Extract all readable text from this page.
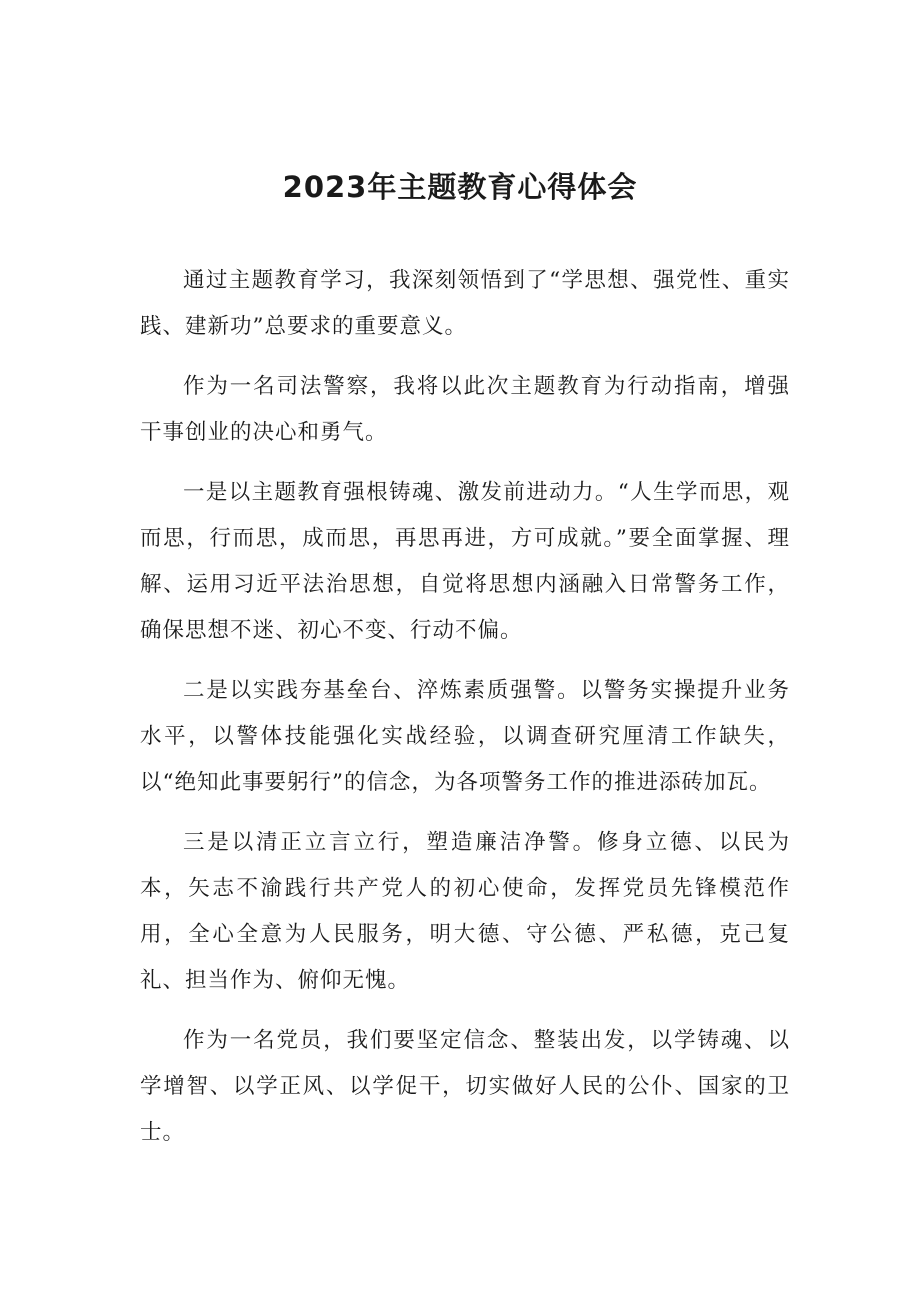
2023年主题教育心得体会

通过主题教育学习，我深刻领悟到了“学思想、强党性、重实践、建新功”总要求的重要意义。

作为一名司法警察，我将以此次主题教育为行动指南，增强干事创业的决心和勇气。

一是以主题教育强根铸魂、激发前进动力。“人生学而思，观而思，行而思，成而思，再思再进，方可成就。”要全面掌握、理解、运用习近平法治思想，自觉将思想内涵融入日常警务工作，确保思想不迷、初心不变、行动不偏。

二是以实践夯基垒台、淬炼素质强警。以警务实操提升业务水平，以警体技能强化实战经验，以调查研究厘清工作缺失，以“绝知此事要躬行”的信念，为各项警务工作的推进添砖加瓦。

三是以清正立言立行，塑造廉洁净警。修身立德、以民为本，矢志不渝践行共产党人的初心使命，发挥党员先锋模范作用，全心全意为人民服务，明大德、守公德、严私德，克己复礼、担当作为、俯仰无愧。

作为一名党员，我们要坚定信念、整装出发，以学铸魂、以学增智、以学正风、以学促干，切实做好人民的公仆、国家的卫士。
